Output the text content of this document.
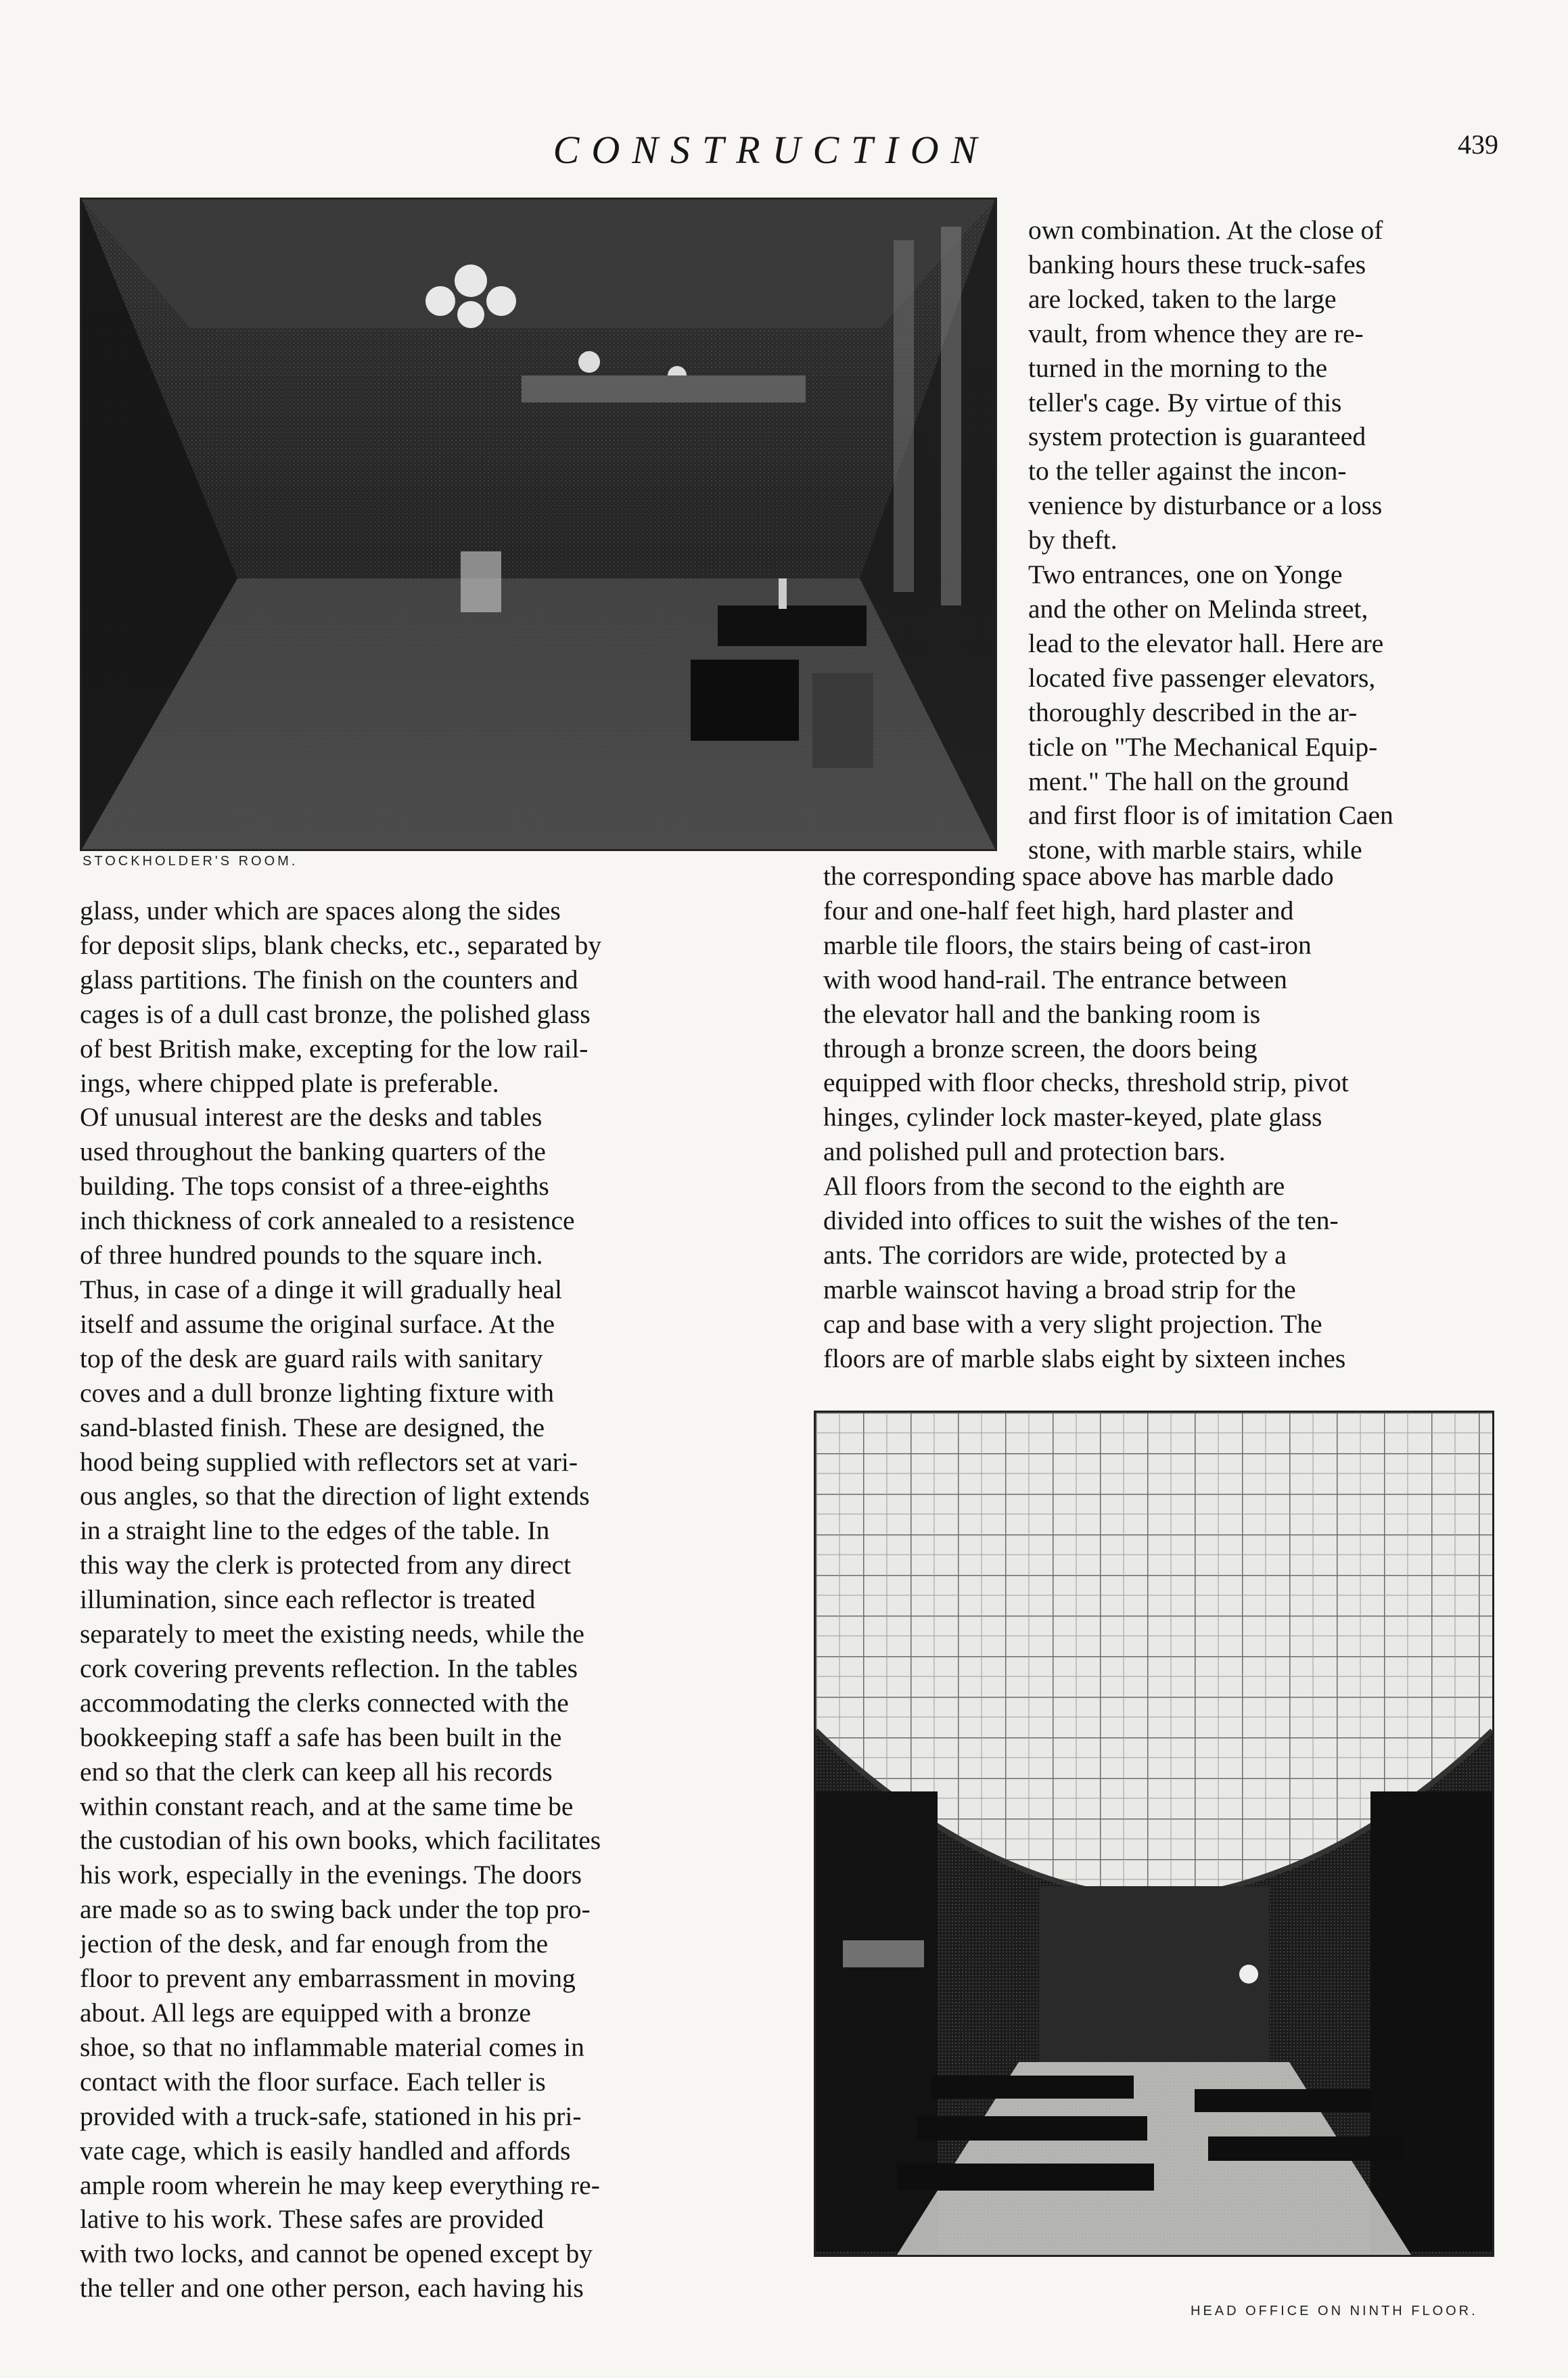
CONSTRUCTION	439
STOCKHOLDER'S ROOM.
HEAD OFFICE ON NINTH FLOOR.
own combination. At the close of
banking hours these truck-safes
are locked, taken to the large
vault, from whence they are re-
turned in the morning to the
teller's cage. By virtue of this
system protection is guaranteed
to the teller against the incon-
venience by disturbance or a loss
by theft.
Two entrances, one on Yonge
and the other on Melinda street,
lead to the elevator hall. Here are
located five passenger elevators,
thoroughly described in the ar-
ticle on "The Mechanical Equip-
ment." The hall on the ground
and first floor is of imitation Caen
stone, with marble stairs, while
the corresponding space above has marble dado
four and one-half feet high, hard plaster and
marble tile floors, the stairs being of cast-iron
with wood hand-rail. The entrance between
the elevator hall and the banking room is
through a bronze screen, the doors being
equipped with floor checks, threshold strip, pivot
hinges, cylinder lock master-keyed, plate glass
and polished pull and protection bars.
All floors from the second to the eighth are
divided into offices to suit the wishes of the ten-
ants. The corridors are wide, protected by a
marble wainscot having a broad strip for the
cap and base with a very slight projection. The
floors are of marble slabs eight by sixteen inches
glass, under which are spaces along the sides
for deposit slips, blank checks, etc., separated by
glass partitions. The finish on the counters and
cages is of a dull cast bronze, the polished glass
of best British make, excepting for the low rail-
ings, where chipped plate is preferable.
Of unusual interest are the desks and tables
used throughout the banking quarters of the
building. The tops consist of a three-eighths
inch thickness of cork annealed to a resistence
of three hundred pounds to the square inch.
Thus, in case of a dinge it will gradually heal
itself and assume the original surface. At the
top of the desk are guard rails with sanitary
coves and a dull bronze lighting fixture with
sand-blasted finish. These are designed, the
hood being supplied with reflectors set at vari-
ous angles, so that the direction of light extends
in a straight line to the edges of the table. In
this way the clerk is protected from any direct
illumination, since each reflector is treated
separately to meet the existing needs, while the
cork covering prevents reflection. In the tables
accommodating the clerks connected with the
bookkeeping staff a safe has been built in the
end so that the clerk can keep all his records
within constant reach, and at the same time be
the custodian of his own books, which facilitates
his work, especially in the evenings. The doors
are made so as to swing back under the top pro-
jection of the desk, and far enough from the
floor to prevent any embarrassment in moving
about. All legs are equipped with a bronze
shoe, so that no inflammable material comes in
contact with the floor surface. Each teller is
provided with a truck-safe, stationed in his pri-
vate cage, which is easily handled and affords
ample room wherein he may keep everything re-
lative to his work. These safes are provided
with two locks, and cannot be opened except by
the teller and one other person, each having his
